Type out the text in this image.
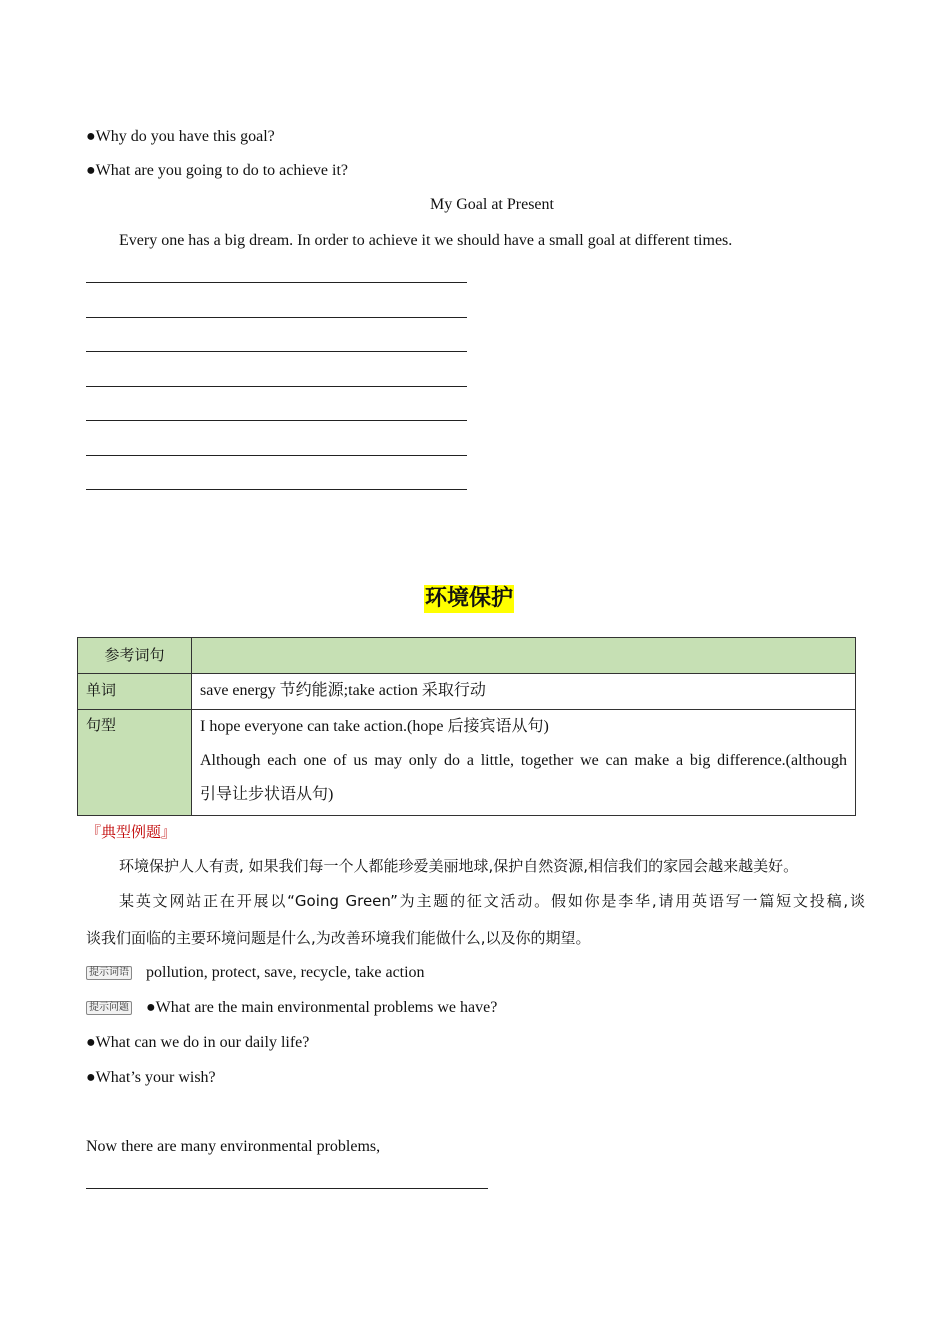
●Why do you have this goal?
●What are you going to do to achieve it?
My Goal at Present
Every one has a big dream. In order to achieve it we should have a small goal at different times.
环境保护
参考词句	
单词	save energy 节约能源;take action 采取行动

句型	I hope everyone can take action.(hope 后接宾语从句)
Although each one of us may only do a little, together we can make a big difference.(although
引导让步状语从句)
『典型例题』
环境保护人人有责, 如果我们每一个人都能珍爱美丽地球,保护自然资源,相信我们的家园会越来越美好。
某英文网站正在开展以“Going Green”为主题的征文活动。假如你是李华,请用英语写一篇短文投稿,谈
谈我们面临的主要环境问题是什么,为改善环境我们能做什么,以及你的期望。
提示词语 pollution, protect, save, recycle, take action
提示问题 ●What are the main environmental problems we have?
●What can we do in our daily life?
●What’s your wish?
Now there are many environmental problems,
